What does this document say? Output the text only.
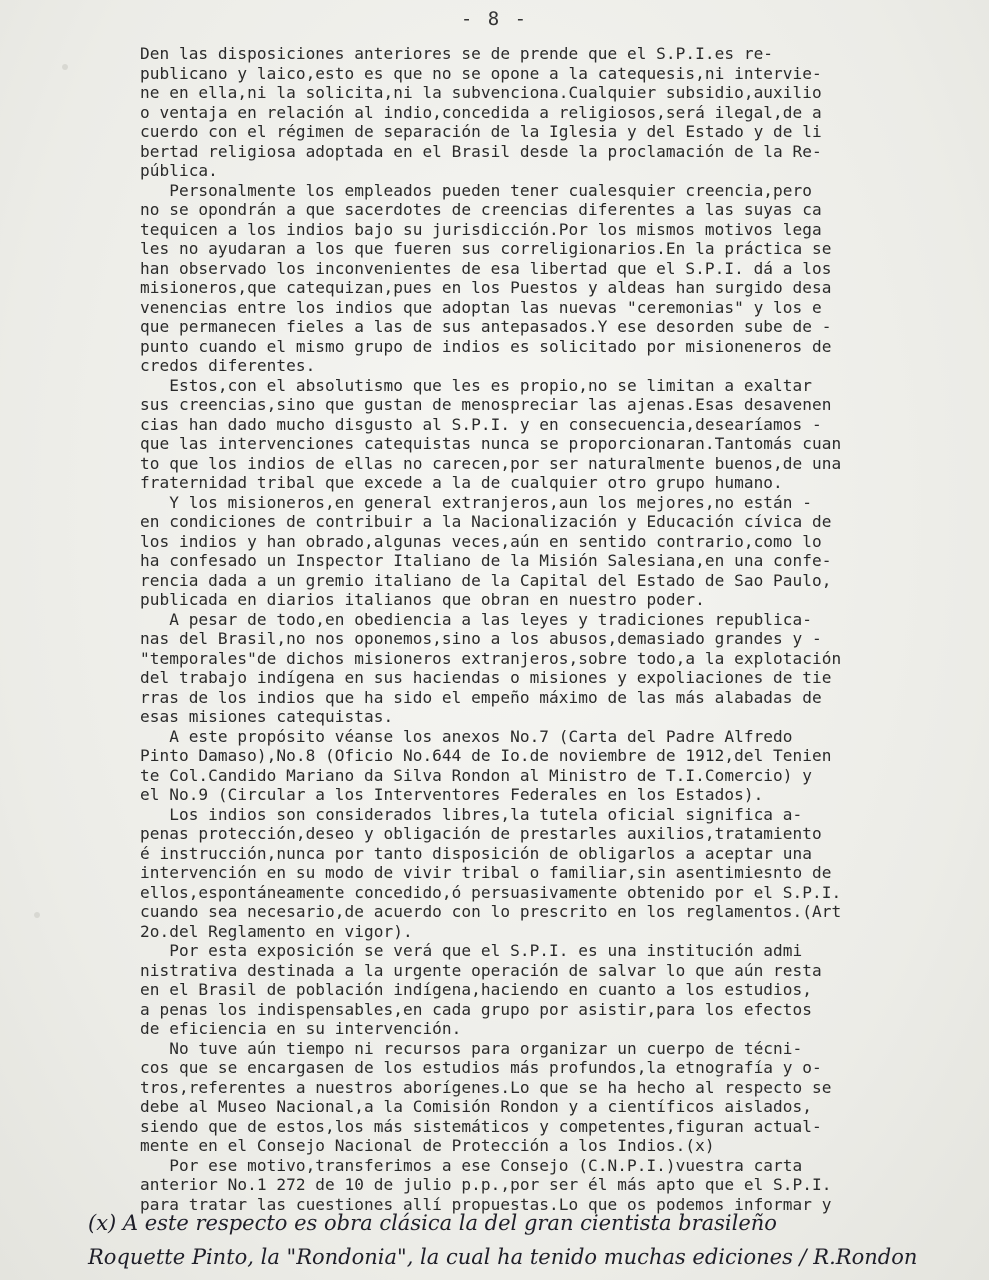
- 8 -
Den las disposiciones anteriores se de prende que el S.P.I.es re-
publicano y laico,esto es que no se opone a la catequesis,ni intervie-
ne en ella,ni la solicita,ni la subvenciona.Cualquier subsidio,auxilio
o ventaja en relación al indio,concedida a religiosos,será ilegal,de a
cuerdo con el régimen de separación de la Iglesia y del Estado y de li
bertad religiosa adoptada en el Brasil desde la proclamación de la Re-
pública.
Personalmente los empleados pueden tener cualesquier creencia,pero
no se opondrán a que sacerdotes de creencias diferentes a las suyas ca
tequicen a los indios bajo su jurisdicción.Por los mismos motivos lega
les no ayudaran a los que fueren sus correligionarios.En la práctica se
han observado los inconvenientes de esa libertad que el S.P.I. dá a los
misioneros,que catequizan,pues en los Puestos y aldeas han surgido desa
venencias entre los indios que adoptan las nuevas "ceremonias" y los e
que permanecen fieles a las de sus antepasados.Y ese desorden sube de -
punto cuando el mismo grupo de indios es solicitado por misioneneros de
credos diferentes.
Estos,con el absolutismo que les es propio,no se limitan a exaltar
sus creencias,sino que gustan de menospreciar las ajenas.Esas desavenen
cias han dado mucho disgusto al S.P.I. y en consecuencia,desearíamos -
que las intervenciones catequistas nunca se proporcionaran.Tantomás cuan
to que los indios de ellas no carecen,por ser naturalmente buenos,de una
fraternidad tribal que excede a la de cualquier otro grupo humano.
Y los misioneros,en general extranjeros,aun los mejores,no están -
en condiciones de contribuir a la Nacionalización y Educación cívica de
los indios y han obrado,algunas veces,aún en sentido contrario,como lo
ha confesado un Inspector Italiano de la Misión Salesiana,en una confe-
rencia dada a un gremio italiano de la Capital del Estado de Sao Paulo,
publicada en diarios italianos que obran en nuestro poder.
A pesar de todo,en obediencia a las leyes y tradiciones republica-
nas del Brasil,no nos oponemos,sino a los abusos,demasiado grandes y -
"temporales"de dichos misioneros extranjeros,sobre todo,a la explotación
del trabajo indígena en sus haciendas o misiones y expoliaciones de tie
rras de los indios que ha sido el empeño máximo de las más alabadas de
esas misiones catequistas.
A este propósito véanse los anexos No.7 (Carta del Padre Alfredo
Pinto Damaso),No.8 (Oficio No.644 de Io.de noviembre de 1912,del Tenien
te Col.Candido Mariano da Silva Rondon al Ministro de T.I.Comercio) y
el No.9 (Circular a los Interventores Federales en los Estados).
Los indios son considerados libres,la tutela oficial significa a-
penas protección,deseo y obligación de prestarles auxilios,tratamiento
é instrucción,nunca por tanto disposición de obligarlos a aceptar una
intervención en su modo de vivir tribal o familiar,sin asentimiesnto de
ellos,espontáneamente concedido,ó persuasivamente obtenido por el S.P.I.
cuando sea necesario,de acuerdo con lo prescrito en los reglamentos.(Art
2o.del Reglamento en vigor).
Por esta exposición se verá que el S.P.I. es una institución admi
nistrativa destinada a la urgente operación de salvar lo que aún resta
en el Brasil de población indígena,haciendo en cuanto a los estudios,
a penas los indispensables,en cada grupo por asistir,para los efectos
de eficiencia en su intervención.
No tuve aún tiempo ni recursos para organizar un cuerpo de técni-
cos que se encargasen de los estudios más profundos,la etnografía y o-
tros,referentes a nuestros aborígenes.Lo que se ha hecho al respecto se
debe al Museo Nacional,a la Comisión Rondon y a científicos aislados,
siendo que de estos,los más sistemáticos y competentes,figuran actual-
mente en el Consejo Nacional de Protección a los Indios.(x)
Por ese motivo,transferimos a ese Consejo (C.N.P.I.)vuestra carta
anterior No.1 272 de 10 de julio p.p.,por ser él más apto que el S.P.I.
para tratar las cuestiones allí propuestas.Lo que os podemos informar y
(x) A este respecto es obra clásica la del gran cientista brasileño
Roquette Pinto, la "Rondonia", la cual ha tenido muchas ediciones / R.Rondon
